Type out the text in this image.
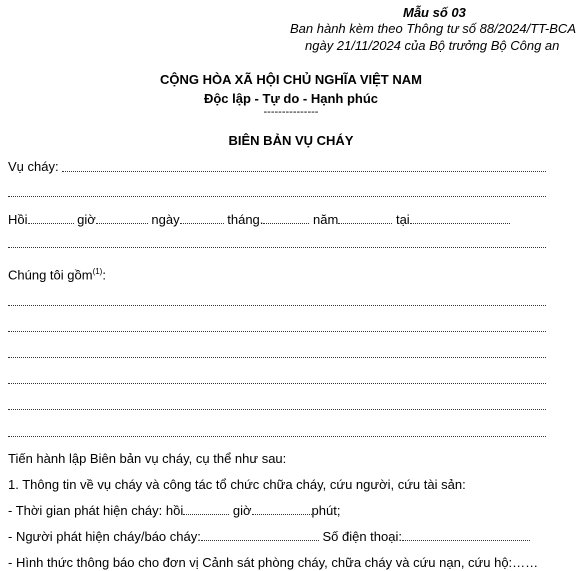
Mẫu số 03
Ban hành kèm theo Thông tư số 88/2024/TT-BCA
ngày 21/11/2024 của Bộ trưởng Bộ Công an
CỘNG HÒA XÃ HỘI CHỦ NGHĨA VIỆT NAM
Độc lập - Tự do - Hạnh phúc
---------------
BIÊN BẢN VỤ CHÁY
Vụ cháy:
Hồi	giờ	ngày	tháng.	năm	tại
Chúng tôi gồm$^{(1)}$:
Tiến hành lập Biên bản vụ cháy, cụ thể như sau:
1. Thông tin về vụ cháy và công tác tổ chức chữa cháy, cứu người, cứu tài sản:
- Thời gian phát hiện cháy: hồi	giờ	phút;
- Người phát hiện cháy/báo cháy:	Số điện thoại:
- Hình thức thông báo cho đơn vị Cảnh sát phòng cháy, chữa cháy và cứu nạn, cứu hộ:……
